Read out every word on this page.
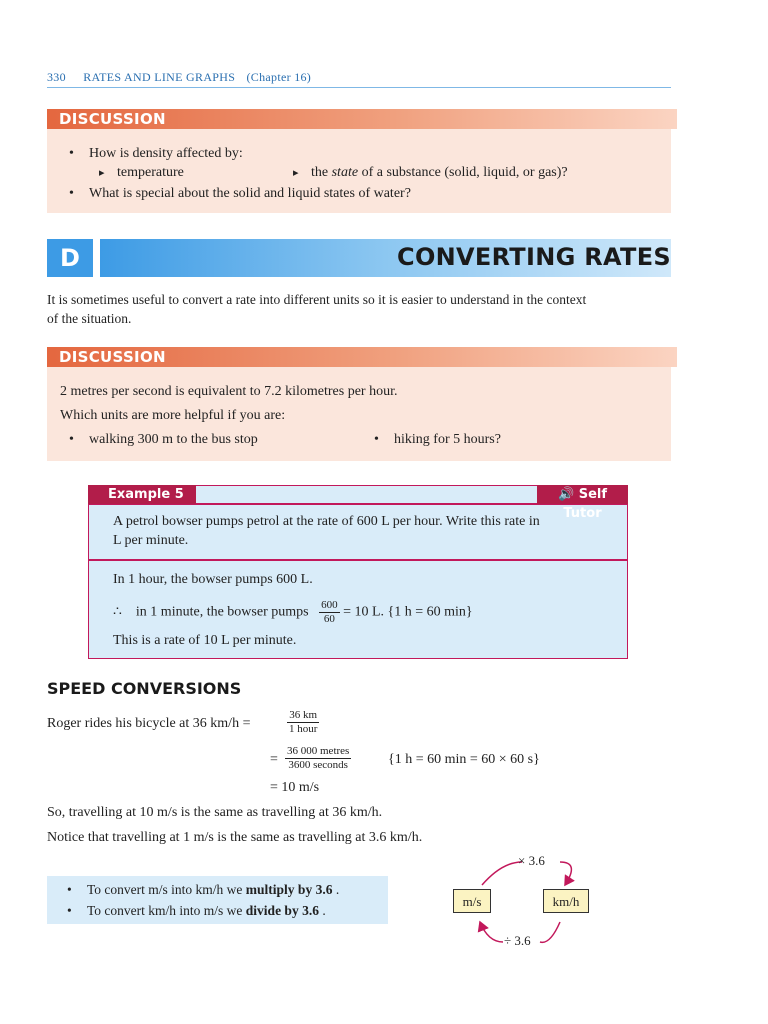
330 RATES AND LINE GRAPHS (Chapter 16)
DISCUSSION
• How is density affected by:
▸ temperature	▸ the state of a substance (solid, liquid, or gas)?
• What is special about the solid and liquid states of water?
D	CONVERTING RATES
It is sometimes useful to convert a rate into different units so it is easier to understand in the context
of the situation.
DISCUSSION
2 metres per second is equivalent to 7.2 kilometres per hour.
Which units are more helpful if you are:
• walking 300 m to the bus stop	• hiking for 5 hours?
Example 5	🔊 Self Tutor
A petrol bowser pumps petrol at the rate of 600 L per hour. Write this rate in
L per minute.
In 1 hour, the bowser pumps 600 L.
∴ in 1 minute, the bowser pumps $\frac{600}{60} = 10$ L. {1 h = 60 min}
This is a rate of 10 L per minute.
SPEED CONVERSIONS
Roger rides his bicycle at 36 km/h =	$\frac{36 km}{\text{1 hour}}$
= $\frac{\text{36 000 metres}}{\text{3600 seconds}}$	{1 h = 60 min = 60 × 60 s}
= 10 m/s
So, travelling at 10 m/s is the same as travelling at 36 km/h.
Notice that travelling at 1 m/s is the same as travelling at 3.6 km/h.
• To convert m/s into km/h we multiply by 3.6 .
• To convert km/h into m/s we divide by 3.6 .
× 3.6
÷ 3.6
m/s	km/h
